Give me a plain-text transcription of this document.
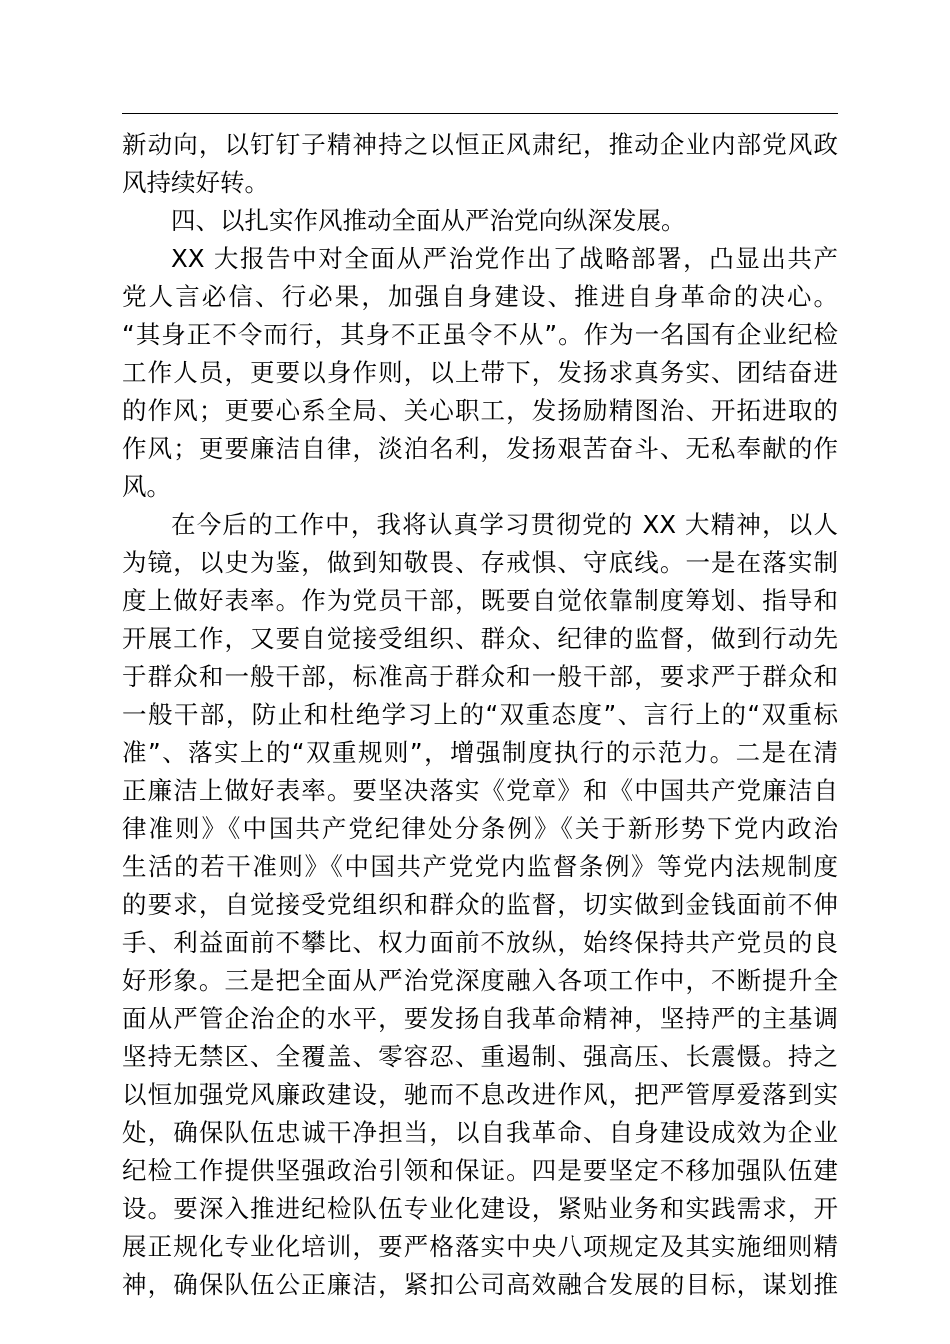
新动向，以钉钉子精神持之以恒正风肃纪，推动企业内部党风政
风持续好转。
四、以扎实作风推动全面从严治党向纵深发展。
XX 大报告中对全面从严治党作出了战略部署，凸显出共产
党人言必信、行必果，加强自身建设、推进自身革命的决心。
“其身正不令而行，其身不正虽令不从”。作为一名国有企业纪检
工作人员，更要以身作则，以上带下，发扬求真务实、团结奋进
的作风；更要心系全局、关心职工，发扬励精图治、开拓进取的
作风；更要廉洁自律，淡泊名利，发扬艰苦奋斗、无私奉献的作
风。
在今后的工作中，我将认真学习贯彻党的 XX 大精神，以人
为镜，以史为鉴，做到知敬畏、存戒惧、守底线。一是在落实制
度上做好表率。作为党员干部，既要自觉依靠制度筹划、指导和
开展工作，又要自觉接受组织、群众、纪律的监督，做到行动先
于群众和一般干部，标准高于群众和一般干部，要求严于群众和
一般干部，防止和杜绝学习上的“双重态度”、言行上的“双重标
准”、落实上的“双重规则”，增强制度执行的示范力。二是在清
正廉洁上做好表率。要坚决落实《党章》和《中国共产党廉洁自
律准则》《中国共产党纪律处分条例》《关于新形势下党内政治
生活的若干准则》《中国共产党党内监督条例》等党内法规制度
的要求，自觉接受党组织和群众的监督，切实做到金钱面前不伸
手、利益面前不攀比、权力面前不放纵，始终保持共产党员的良
好形象。三是把全面从严治党深度融入各项工作中，不断提升全
面从严管企治企的水平，要发扬自我革命精神，坚持严的主基调
坚持无禁区、全覆盖、零容忍、重遏制、强高压、长震慑。持之
以恒加强党风廉政建设，驰而不息改进作风，把严管厚爱落到实
处，确保队伍忠诚干净担当，以自我革命、自身建设成效为企业
纪检工作提供坚强政治引领和保证。四是要坚定不移加强队伍建
设。要深入推进纪检队伍专业化建设，紧贴业务和实践需求，开
展正规化专业化培训，要严格落实中央八项规定及其实施细则精
神，确保队伍公正廉洁，紧扣公司高效融合发展的目标，谋划推
